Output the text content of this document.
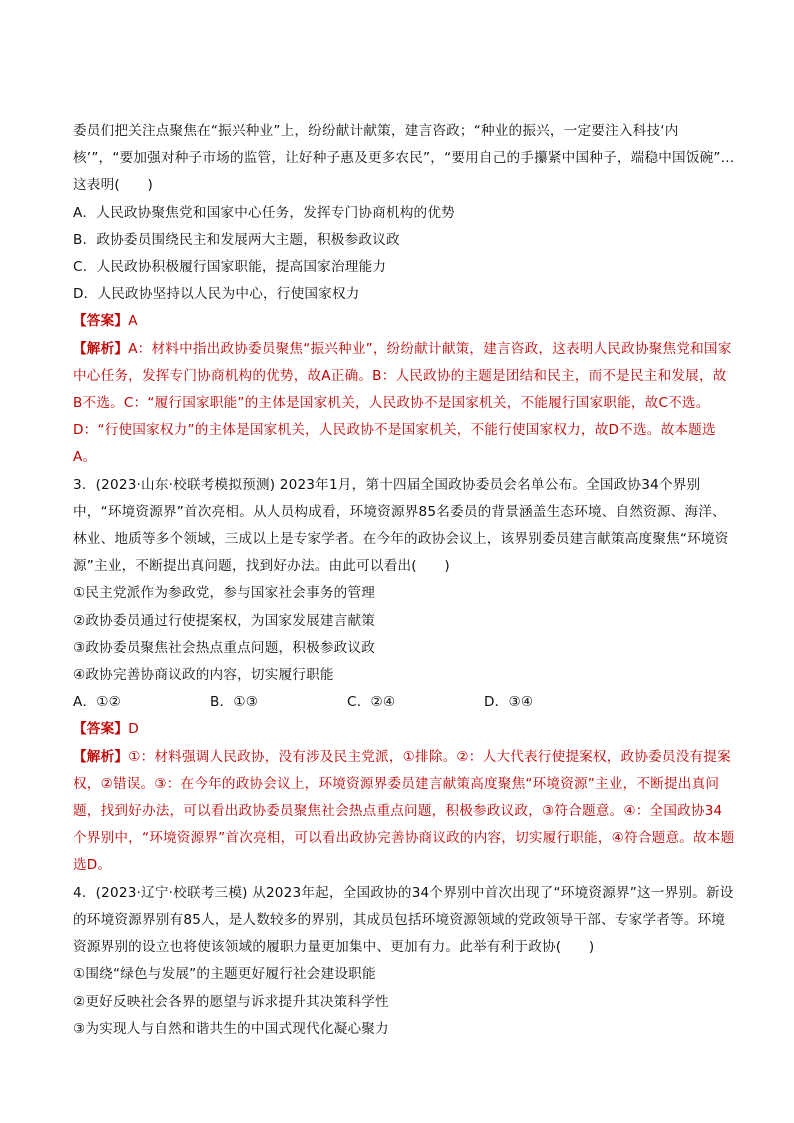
委员们把关注点聚焦在“振兴种业”上，纷纷献计献策，建言咨政；“种业的振兴，一定要注入科技‘内核’”，“要加强对种子市场的监管，让好种子惠及更多农民”，“要用自己的手攥紧中国种子，端稳中国饭碗”…这表明(　　)

A．人民政协聚焦党和国家中心任务，发挥专门协商机构的优势

B．政协委员围绕民主和发展两大主题，积极参政议政

C．人民政协积极履行国家职能，提高国家治理能力

D．人民政协坚持以人民为中心，行使国家权力

【答案】A

【解析】A：材料中指出政协委员聚焦“振兴种业”，纷纷献计献策，建言咨政，这表明人民政协聚焦党和国家中心任务，发挥专门协商机构的优势，故A正确。B：人民政协的主题是团结和民主，而不是民主和发展，故B不选。C：“履行国家职能”的主体是国家机关，人民政协不是国家机关，不能履行国家职能，故C不选。D：“行使国家权力”的主体是国家机关，人民政协不是国家机关，不能行使国家权力，故D不选。故本题选A。

3．(2023·山东·校联考模拟预测) 2023年1月，第十四届全国政协委员会名单公布。全国政协34个界别中，“环境资源界”首次亮相。从人员构成看，环境资源界85名委员的背景涵盖生态环境、自然资源、海洋、林业、地质等多个领域，三成以上是专家学者。在今年的政协会议上，该界别委员建言献策高度聚焦“环境资源”主业，不断提出真问题，找到好办法。由此可以看出(　　)

①民主党派作为参政党，参与国家社会事务的管理

②政协委员通过行使提案权，为国家发展建言献策

③政协委员聚焦社会热点重点问题，积极参政议政

④政协完善协商议政的内容，切实履行职能

A．①②	B．①③	C．②④	D．③④

【答案】D

【解析】①：材料强调人民政协，没有涉及民主党派，①排除。②：人大代表行使提案权，政协委员没有提案权，②错误。③：在今年的政协会议上，环境资源界委员建言献策高度聚焦“环境资源”主业，不断提出真问题，找到好办法，可以看出政协委员聚焦社会热点重点问题，积极参政议政，③符合题意。④：全国政协34个界别中，“环境资源界”首次亮相，可以看出政协完善协商议政的内容，切实履行职能，④符合题意。故本题选D。

4．(2023·辽宁·校联考三模) 从2023年起，全国政协的34个界别中首次出现了“环境资源界”这一界别。新设的环境资源界别有85人，是人数较多的界别，其成员包括环境资源领域的党政领导干部、专家学者等。环境资源界别的设立也将使该领域的履职力量更加集中、更加有力。此举有利于政协(　　)

①围绕“绿色与发展”的主题更好履行社会建设职能

②更好反映社会各界的愿望与诉求提升其决策科学性

③为实现人与自然和谐共生的中国式现代化凝心聚力
